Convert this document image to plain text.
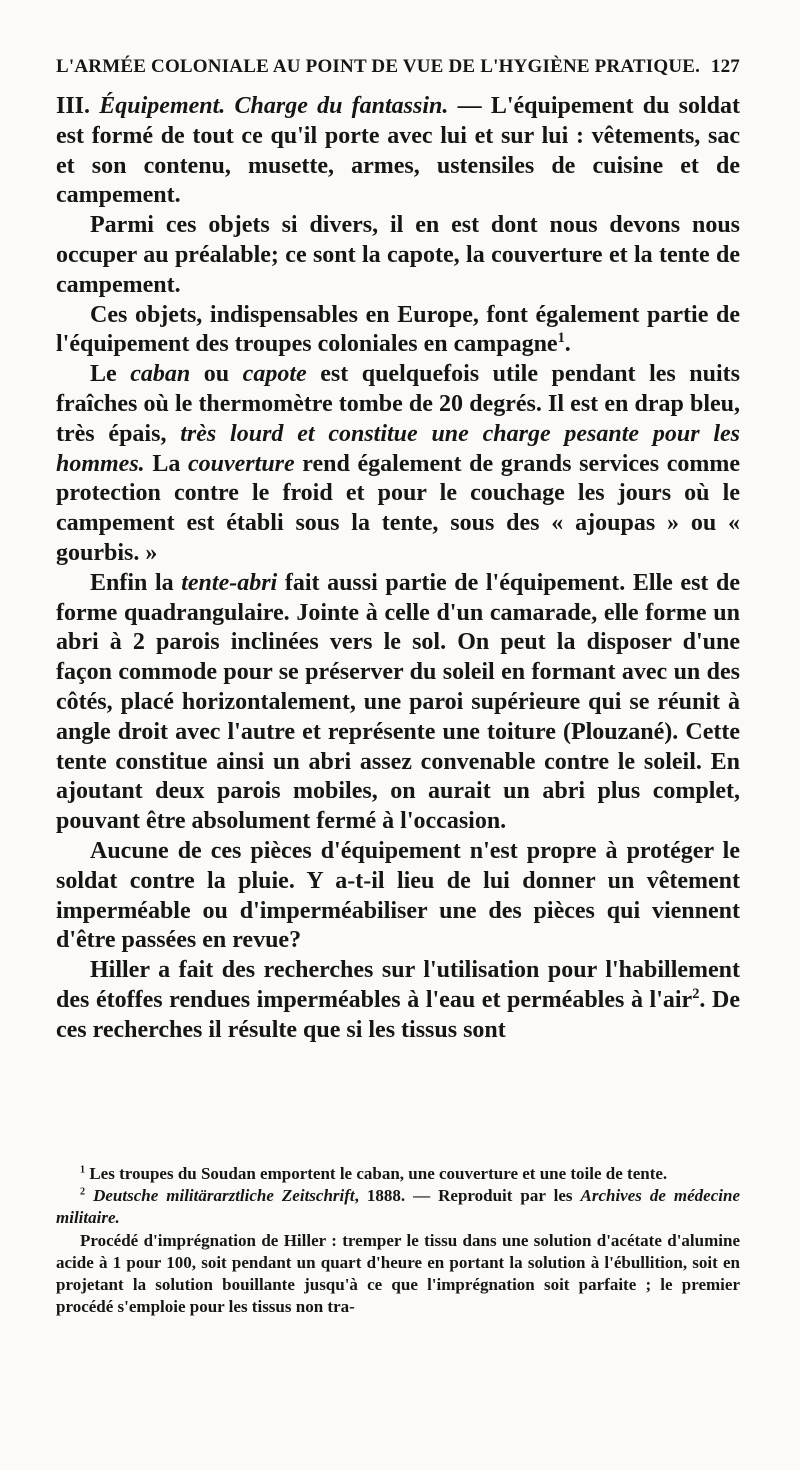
L'ARMÉE COLONIALE AU POINT DE VUE DE L'HYGIÈNE PRATIQUE. 127

III. Équipement. Charge du fantassin. — L'équipement du soldat est formé de tout ce qu'il porte avec lui et sur lui : vêtements, sac et son contenu, musette, armes, ustensiles de cuisine et de campement.

Parmi ces objets si divers, il en est dont nous devons nous occuper au préalable; ce sont la capote, la couverture et la tente de campement.

Ces objets, indispensables en Europe, font également partie de l'équipement des troupes coloniales en campagne$^1$.

Le caban ou capote est quelquefois utile pendant les nuits fraîches où le thermomètre tombe de 20 degrés. Il est en drap bleu, très épais, très lourd et constitue une charge pesante pour les hommes. La couverture rend également de grands services comme protection contre le froid et pour le couchage les jours où le campement est établi sous la tente, sous des « ajoupas » ou « gourbis. »

Enfin la tente-abri fait aussi partie de l'équipement. Elle est de forme quadrangulaire. Jointe à celle d'un camarade, elle forme un abri à 2 parois inclinées vers le sol. On peut la disposer d'une façon commode pour se préserver du soleil en formant avec un des côtés, placé horizontalement, une paroi supérieure qui se réunit à angle droit avec l'autre et représente une toiture (Plouzané). Cette tente constitue ainsi un abri assez convenable contre le soleil. En ajoutant deux parois mobiles, on aurait un abri plus complet, pouvant être absolument fermé à l'occasion.

Aucune de ces pièces d'équipement n'est propre à protéger le soldat contre la pluie. Y a-t-il lieu de lui donner un vêtement imperméable ou d'imperméabiliser une des pièces qui viennent d'être passées en revue?

Hiller a fait des recherches sur l'utilisation pour l'habillement des étoffes rendues imperméables à l'eau et perméables à l'air$^2$. De ces recherches il résulte que si les tissus sont

$^1$ Les troupes du Soudan emportent le caban, une couverture et une toile de tente.

$^2$ Deutsche militärarztliche Zeitschrift, 1888. — Reproduit par les Archives de médecine militaire.

Procédé d'imprégnation de Hiller : tremper le tissu dans une solution d'acétate d'alumine acide à 1 pour 100, soit pendant un quart d'heure en portant la solution à l'ébullition, soit en projetant la solution bouillante jusqu'à ce que l'imprégnation soit parfaite ; le premier procédé s'emploie pour les tissus non tra-
